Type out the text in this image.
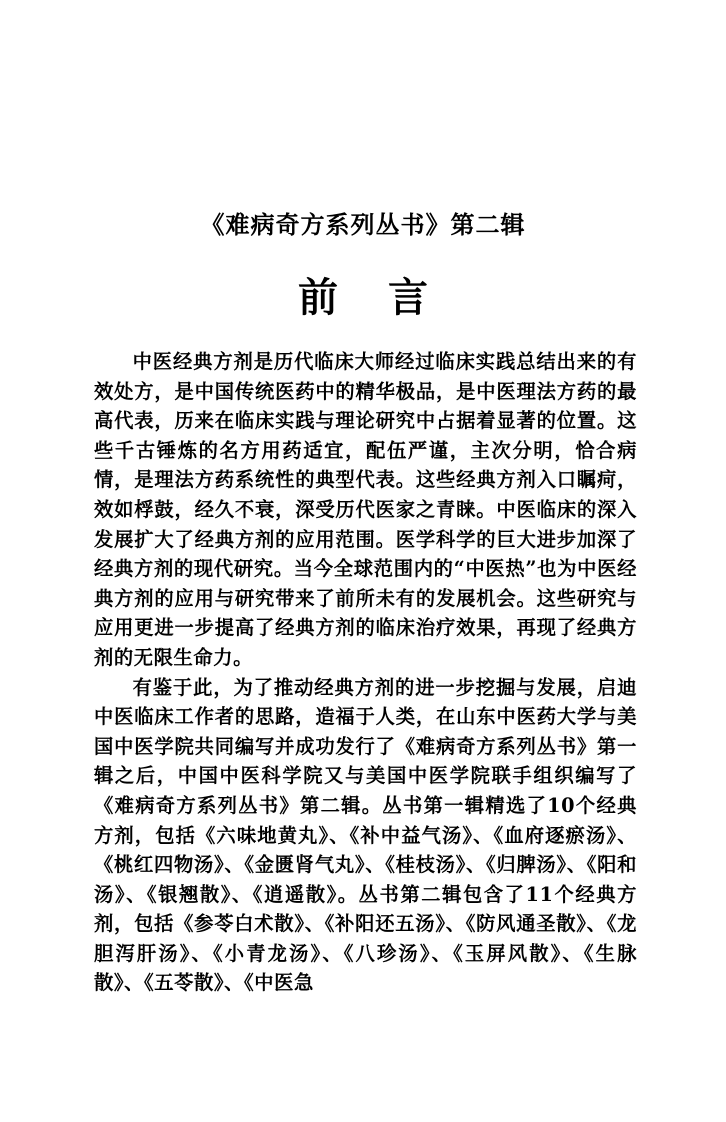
《难病奇方系列丛书》第二辑
前 言

中医经典方剂是历代临床大师经过临床实践总结出来的有效处方，是中国传统医药中的精华极品，是中医理法方药的最高代表，历来在临床实践与理论研究中占据着显著的位置。这些千古锤炼的名方用药适宜，配伍严谨，主次分明，恰合病情，是理法方药系统性的典型代表。这些经典方剂入口瞩疴，效如桴鼓，经久不衰，深受历代医家之青睐。中医临床的深入发展扩大了经典方剂的应用范围。医学科学的巨大进步加深了经典方剂的现代研究。当今全球范围内的“中医热”也为中医经典方剂的应用与研究带来了前所未有的发展机会。这些研究与应用更进一步提高了经典方剂的临床治疗效果，再现了经典方剂的无限生命力。

有鉴于此，为了推动经典方剂的进一步挖掘与发展，启迪中医临床工作者的思路，造福于人类，在山东中医药大学与美国中医学院共同编写并成功发行了《难病奇方系列丛书》第一辑之后，中国中医科学院又与美国中医学院联手组织编写了《难病奇方系列丛书》第二辑。丛书第一辑精选了10个经典方剂，包括《六味地黄丸》、《补中益气汤》、《血府逐瘀汤》、《桃红四物汤》、《金匮肾气丸》、《桂枝汤》、《归脾汤》、《阳和汤》、《银翘散》、《逍遥散》。丛书第二辑包含了11个经典方剂，包括《参苓白术散》、《补阳还五汤》、《防风通圣散》、《龙胆泻肝汤》、《小青龙汤》、《八珍汤》、《玉屏风散》、《生脉散》、《五苓散》、《中医急
